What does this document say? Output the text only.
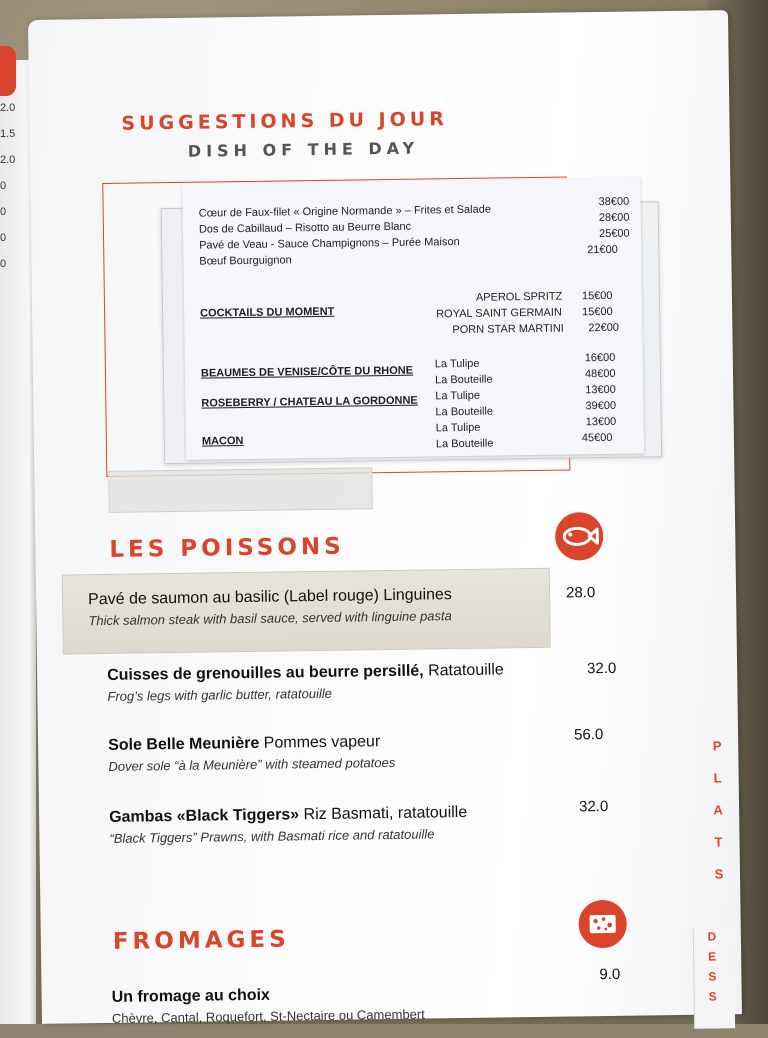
2.0
1.5
2.0
0
0
0
0
SUGGESTIONS DU JOUR
DISH OF THE DAY
Cœur de Faux-filet « Origine Normande » – Frites et Salade
38€00
Dos de Cabillaud – Risotto au Beurre Blanc
28€00
Pavé de Veau - Sauce Champignons – Purée Maison
25€00
Bœuf Bourguignon
21€00
COCKTAILS DU MOMENT
APEROL SPRITZ 15€00
ROYAL SAINT GERMAIN 15€00
PORN STAR MARTINI 22€00
BEAUMES DE VENISE/CÔTE DU RHONE
La Tulipe	16€00
La Bouteille	48€00
ROSEBERRY / CHATEAU LA GORDONNE La Tulipe	13€00
La Bouteille	39€00
MACON
La Tulipe	13€00
La Bouteille	45€00
LES POISSONS
Pavé de saumon au basilic (Label rouge) Linguines
Thick salmon steak with basil sauce, served with linguine pasta
28.0
Cuisses de grenouilles au beurre persillé, Ratatouille
Frog’s legs with garlic butter, ratatouille
32.0
Sole Belle Meunière Pommes vapeur
Dover sole “à la Meunière” with steamed potatoes
56.0
Gambas «Black Tiggers» Riz Basmati, ratatouille
“Black Tiggers” Prawns, with Basmati rice and ratatouille
32.0
FROMAGES
Un fromage au choix
Chèvre, Cantal, Roquefort, St-Nectaire ou Camembert
9.0
P
L
A
T
S
D
E
S
S
